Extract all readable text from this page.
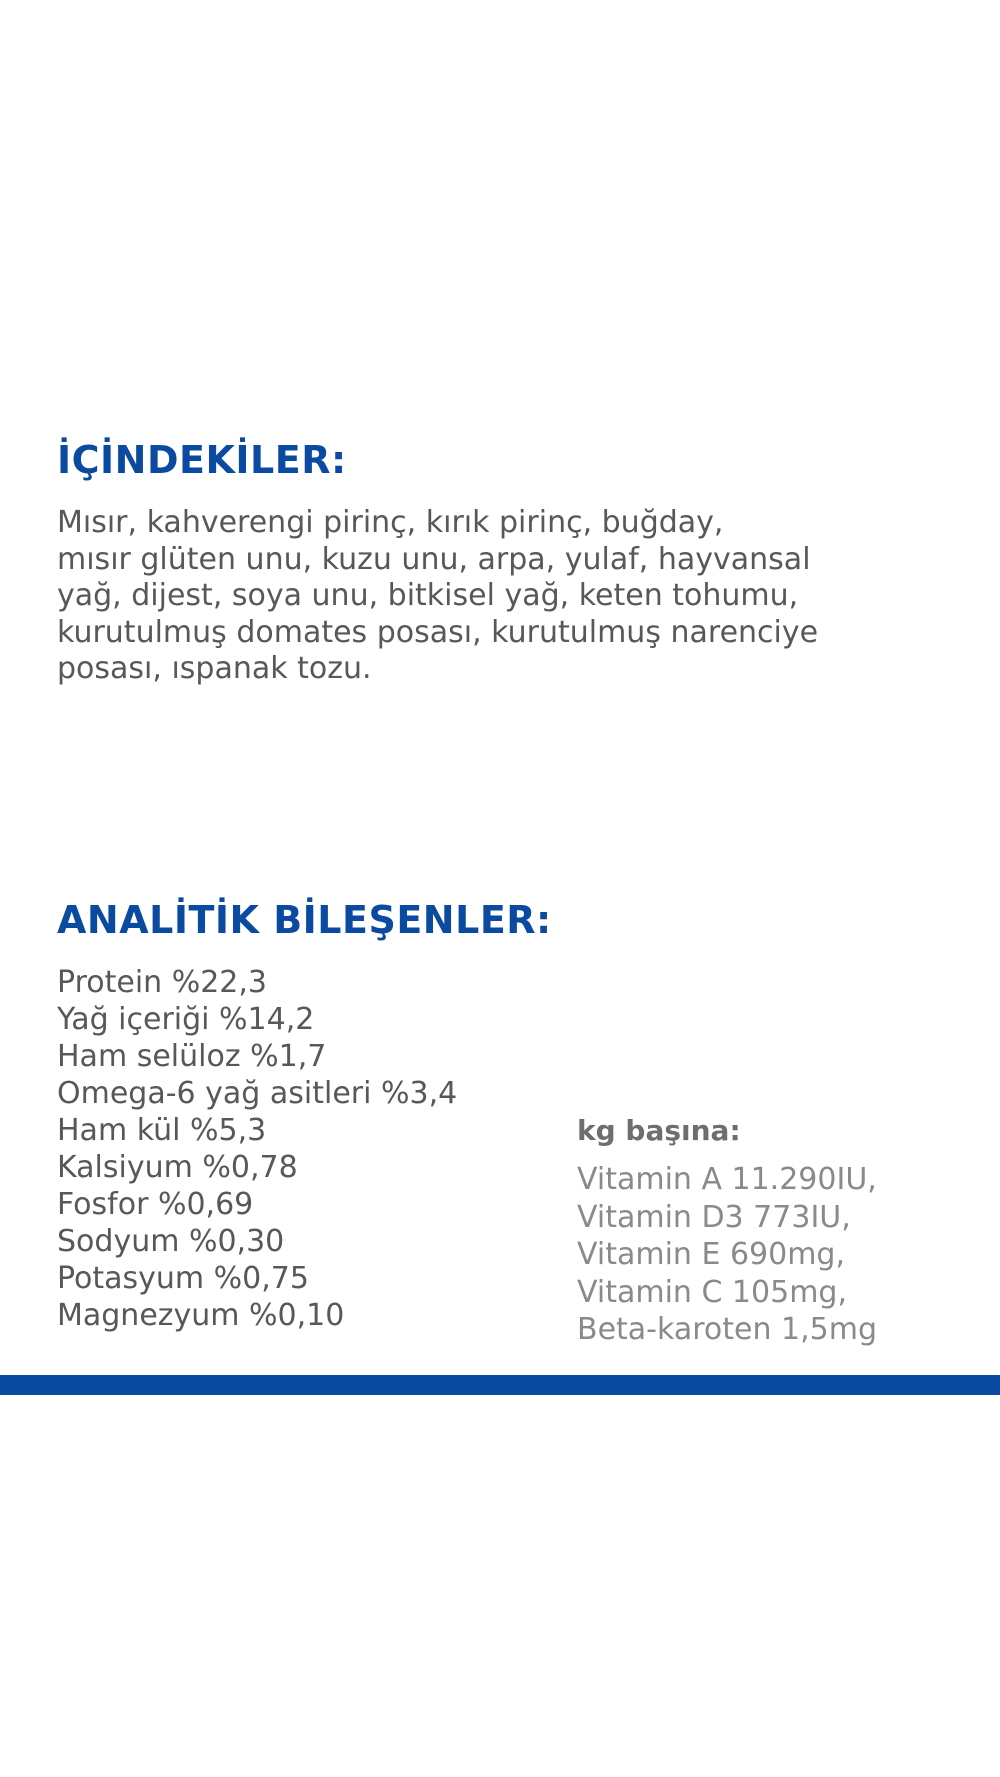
İÇİNDEKİLER:

Mısır, kahverengi pirinç, kırık pirinç, buğday,
mısır glüten unu, kuzu unu, arpa, yulaf, hayvansal
yağ, dijest, soya unu, bitkisel yağ, keten tohumu,
kurutulmuş domates posası, kurutulmuş narenciye
posası, ıspanak tozu.

ANALİTİK BİLEŞENLER:
Protein %22,3
Yağ içeriği %14,2
Ham selüloz %1,7
Omega-6 yağ asitleri %3,4
Ham kül %5,3
Kalsiyum %0,78
Fosfor %0,69
Sodyum %0,30
Potasyum %0,75
Magnezyum %0,10

kg başına:

Vitamin A 11.290IU,
Vitamin D3 773IU,
Vitamin E 690mg,
Vitamin C 105mg,
Beta-karoten 1,5mg
